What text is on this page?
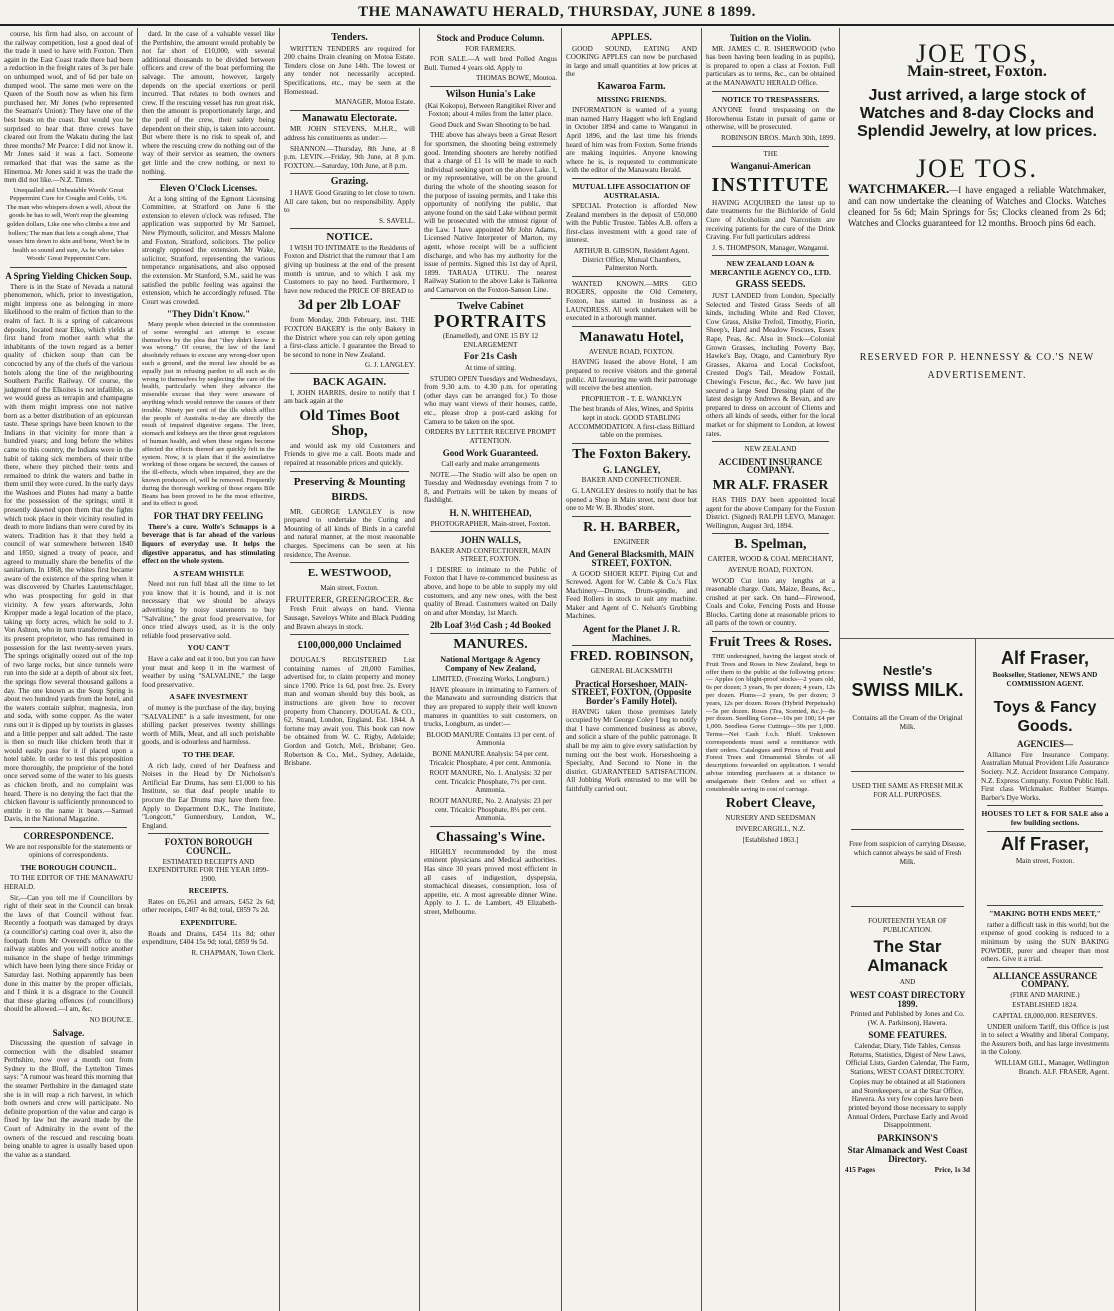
THE MANAWATU HERALD, THURSDAY, JUNE 8 1899.

course, his firm had also, on account of the railway competition, lost a good deal of the trade it used to have with Foxton. Then again in the East Coast trade there had been a reduction in the freight rates of 3s per bale on unhumped wool, and of 6d per bale on dumped wool. The same men were on the Queen of the South now as when his firm purchased her. Mr Jones (who represented the Seaman's Union): They have one of the best boats on the coast. But would you be surprised to hear that three crews have cleared out from the Wakatu during the last three months? Mr Pearce: I did not know it. Mr Jones said it was a fact. Someone remarked that that was the same as the Hinemoa. Mr Jones said it was the trade the men did not like.—N.Z. Times.

Unequalled and Unbeatable Woods' Great Peppermint Cure for Coughs and Colds, 1/6. The man who whispers down a well, About the goods he has to sell, Won't reap the gleaming golden dollars, Like one who climbs a tree and hollers; The man that lets a cough alone, That wears him down to skin and bone, Won't be in health so sound and sure, As he who takes Woods' Great Peppermint Cure.

A Spring Yielding Chicken Soup.

There is in the State of Nevada a natural phenomenon, which, prior to investigation, might impress one as belonging in more likelihood to the realm of fiction than to the realm of fact. It is a spring of calcareous deposits, located near Elko, which yields at first hand from mother earth what the inhabitants of the town regard as a better quality of chicken soup than can be concocted by any of the chefs of the various hotels along the line of the neighbouring Southern Pacific Railway. Of course, the judgment of the Elkoites is not infallible, as we would guess as terrapin and champagne with them might impress one not native born as a better distribution of an epicurean taste. These springs have been known to the Indians in that vicinity for more than a hundred years; and long before the whites came to this country, the Indians were in the habit of taking sick members of their tribe there, where they pitched their tents and remained to drink the waters and bathe in them until they were cured. In the early days the Washoes and Piutes had many a battle for the possession of the springs; until it presently dawned upon them that the fights which took place in their vicinity resulted in death to more Indians than were cured by its waters. Tradition has it that they held a council of war somewhere between 1840 and 1850, signed a treaty of peace, and agreed to mutually share the benefits of the sanitarium. In 1868, the whites first became aware of the existence of the spring when it was discovered by Charles Lautenschlager, who was prospecting for gold in that vicinity. A few years afterwards, John Kropper made a legal location of the place, taking up forty acres, which he sold to J. Von Ashton, who in turn transferred them to its present proprietor, who has remained in possession for the last twenty-seven years. The springs originally oozed out of the top of two large rocks, but since tunnels were run into the side at a depth of about six feet, the springs flow several thousand gallons a day. The one known as the Soup Spring is about two hundred yards from the hotel, and the waters contain sulphur, magnesia, iron and soda, with some copper. As the water runs out it is dipped up by tourists in glasses and a little pepper and salt added. The taste is then so much like chicken broth that it would easily pass for it if placed upon a hotel table. In order to test this proposition more thoroughly, the proprietor of the hotel once served some of the water to his guests as chicken broth, and no complaint was heard. There is no denying the fact that the chicken flavour is sufficiently pronounced to entitle it to the name it bears.—Samuel Davis, in the National Magazine.

CORRESPONDENCE.

We are not responsible for the statements or opinions of correspondents.

THE BOROUGH COUNCIL.

TO THE EDITOR OF THE MANAWATU HERALD.

Sir,—Can you tell me if Councillors by right of their seat in the Council can break the laws of that Council without fear. Recently a footpath was damaged by drays (a councillor's) carting coal over it, also the footpath from Mr Overend's office to the railway stables and you will notice another nuisance in the shape of hedge trimmings which have been lying there since Friday or Saturday last. Nothing apparently has been done in this matter by the proper officials, and I think it is a disgrace to the Council that these glaring offences (of councillors) should be allowed.—I am, &c.

NO BOUNCE.

Salvage.

Discussing the question of salvage in connection with the disabled steamer Perthshire, now over a month out from Sydney to the Bluff, the Lyttelton Times says: "A rumour was heard this morning that the steamer Perthshire in the damaged state she is in will reap a rich harvest, in which both owners and crew will participate. No definite proportion of the value and cargo is fixed by law but the award made by the Court of Admiralty in the event of the owners of the rescued and rescuing boats being unable to agree is usually based upon the value as a standard.

dard. In the case of a valuable vessel like the Perthshire, the amount would probably be not far short of £10,000, with several additional thousands to be divided between officers and crew of the boat performing the salvage. The amount, however, largely depends on the special exertions or peril incurred. That relates to both owners and crew. If the rescuing vessel has run great risk, then the amount is proportionately large, and the peril of the crew, their safety being dependent on their ship, is taken into account. But where there is no risk to speak of, and where the rescuing crew do nothing out of the way of their service as seamen, the owners get little and the crew nothing, or next to nothing.

Eleven O'Clock Licenses.

At a long sitting of the Egmont Licensing Committee, at Stratford on June 6 the extension to eleven o'clock was refused. The application was supported by Mr Samuel, New Plymouth, solicitor, and Messrs Malone and Foxton, Stratford, solicitors. The police strongly opposed the extension. Mr Wake, solicitor, Stratford, representing the various temperance organisations, and also opposed the extension. Mr Stanford, S.M., said he was satisfied the public feeling was against the extension, which he accordingly refused. The Court was crowded.

"They Didn't Know."

Many people when detected in the commission of some wrongful act attempt to excuse themselves by the plea that "they didn't know it was wrong." Of course, the law of the land absolutely refuses to excuse any wrong-doer upon such a ground, and the moral law should be as equally just in refusing pardon to all such as do wrong to themselves by neglecting the care of the health, particularly when they advance the miserable excuse that they were unaware of anything which would remove the causes of their trouble. Ninety per cent of the ills which afflict the people of Australia to-day are directly the result of impaired digestive organs. The liver, stomach and kidneys are the three great regulators of human health, and when these organs become affected the effects thereof are quickly felt in the system. Now, it is plain that if the assimilative working of those organs be secured, the causes of the ill-effects, which when impaired, they are the known producers of, will be removed. Frequently during the thorough working of those organs Bile Beans has been proved to be the most effective, and its effect is good.

FOR THAT DRY FEELING

There's a cure. Wolfe's Schnapps is a beverage that is far ahead of the various liquors of everyday use. It helps the digestive apparatus, and has stimulating effect on the whole system.

A STEAM WHISTLE

Need not run full blast all the time to let you know that it is bound, and it is not necessary that we should be always advertising by noisy statements to buy "Salvaline," the great food preservative, for once tried always used, as it is the only reliable food preservative sold.

YOU CAN'T

Have a cake and eat it too, but you can have your meat and keep it in the warmest of weather by using "SALVALINE," the large food preservative.

A SAFE INVESTMENT

of money is the purchase of the day, buying "SALVALINE" is a safe investment, for one shilling packet preserves twenty shillings worth of Milk, Meat, and all such perishable goods, and is odourless and harmless.

TO THE DEAF.

A rich lady, cured of her Deafness and Noises in the Head by Dr Nicholson's Artificial Ear Drums, has sent £1,000 to his Institute, so that deaf people unable to procure the Ear Drums may have them free. Apply to Department D.K., The Institute, "Longcott," Gunnersbury, London, W., England.

FOXTON BOROUGH COUNCIL.

ESTIMATED RECEIPTS AND EXPENDITURE FOR THE YEAR 1899-1900.

RECEIPTS.

Rates on £6,261 and arrears, £452 2s 6d; other receipts, £407 4s 8d; total, £859 7s 2d.

EXPENDITURE.

Roads and Drains, £454 11s 8d; other expenditure, £404 15s 9d; total, £859 9s 5d.

R. CHAPMAN, Town Clerk.

Tenders.

WRITTEN TENDERS are required for 200 chains Drain cleaning on Motoa Estate. Tenders close on June 14th. The lowest or any tender not necessarily accepted. Specifications, etc., may be seen at the Homestead.

MANAGER, Motoa Estate.

Manawatu Electorate.

MR JOHN STEVENS, M.H.R., will address his constituents as under:—

SHANNON.—Thursday, 8th June, at 8 p.m. LEVIN.—Friday, 9th June, at 8 p.m. FOXTON.—Saturday, 10th June, at 8 p.m.

Grazing.

I HAVE Good Grazing to let close to town. All care taken, but no responsibility. Apply to

S. SAVELL.

NOTICE.

I WISH TO INTIMATE to the Residents of Foxton and District that the rumour that I am giving up business at the end of the present month is untrue, and to which I ask my Customers to pay no heed. Furthermore, I have now reduced the PRICE OF BREAD to

3d per 2lb LOAF

from Monday, 20th February, inst. THE FOXTON BAKERY is the only Bakery in the District where you can rely upon getting a first-class article. I guarantee the Bread to be second to none in New Zealand.

G. J. LANGLEY.

BACK AGAIN.

I, JOHN HARRIS, desire to notify that I am back again at the

Old Times Boot Shop,

and would ask my old Customers and Friends to give me a call. Boots made and repaired at reasonable prices and quickly.

Preserving & Mounting BIRDS.

MR. GEORGE LANGLEY is now prepared to undertake the Curing and Mounting of all kinds of Birds in a careful and natural manner, at the most reasonable charges. Specimens can be seen at his residence, The Avenue.

E. WESTWOOD,

Main street, Foxton.

FRUITERER, GREENGROCER. &c

Fresh Fruit always on hand. Vienna Sausage, Saveloys White and Black Pudding and Brawn always in stock.

£100,000,000 Unclaimed

DOUGAL'S REGISTERED List containing names of 20,000 Families, advertised for, to claim property and money since 1700. Price 1s 6d, post free. 2s. Every man and woman should buy this book, as instructions are given how to recover property from Chancery. DOUGAL & CO., 62, Strand, London, England. Est. 1844. A fortune may await you. This book can now be obtained from W. C. Rigby, Adelaide; Gordon and Gotch, Mel., Brisbane; Geo. Robertson & Co., Mel., Sydney, Adelaide, Brisbane.

Stock and Produce Column.

FOR FARMERS.

FOR SALE.—A well bred Polled Angus Bull. Turned 4 years old. Apply to

THOMAS BOWE, Moutoa.

Wilson Hunia's Lake

(Kai Kokopu), Between Rangitikei River and Foxton; about 4 miles from the latter place.

Good Duck and Swan Shooting to be had.

THE above has always been a Great Resort for sportsmen, the shooting being extremely good. Intending shooters are hereby notified that a charge of £1 1s will be made to each individual seeking sport on the above Lake. I, or my representative, will be on the ground during the whole of the shooting season for the purpose of issuing permits, and I take this opportunity of notifying the public, that anyone found on the said Lake without permit will be prosecuted with the utmost rigour of the Law. I have appointed Mr John Adams, Licensed Native Interpreter of Marton, my agent, whose receipt will be a sufficient discharge, and who has my authority for the issue of permits. Signed this 1st day of April, 1899. TARAUA UTIKU. The nearest Railway Station to the above Lake is Taikorea and Carnarvon on the Foxton-Sanson Line.

Twelve Cabinet
PORTRAITS

(Enamelled), and ONE 15 BY 12 ENLARGEMENT

For 21s Cash

At time of sitting.

STUDIO OPEN Tuesdays and Wednesdays, from 9.30 a.m. to 4.30 p.m. for operating (other days can be arranged for.) To those who may want views of their houses, cattle, etc., please drop a post-card asking for Camera to be taken on the spot.

ORDERS BY LETTER RECEIVE PROMPT ATTENTION.

Good Work Guaranteed.

Call early and make arrangements

NOTE.—The Studio will also be open on Tuesday and Wednesday evenings from 7 to 8, and Portraits will be taken by means of flashlight.

H. N. WHITEHEAD,

PHOTOGRAPHER, Main-street, Foxton.

JOHN WALLS,

BAKER AND CONFECTIONER, MAIN STREET, FOXTON.

I DESIRE to intimate to the Public of Foxton that I have re-commenced business as above, and hope to be able to supply my old customers, and any new ones, with the best quality of Bread. Customers waited on Daily on and after Monday, 1st March.

2lb Loaf 3½d Cash ; 4d Booked
MANURES.
National Mortgage & Agency Company of New Zealand,

LIMITED, (Freezing Works, Longburn.)

HAVE pleasure in intimating to Farmers of the Manawatu and surrounding districts that they are prepared to supply their well known manures in quantities to suit customers, on trucks, Longburn, as under:—

BLOOD MANURE Contains 13 per cent. of Ammonia

BONE MANURE Analysis: 54 per cent. Tricalcic Phosphate, 4 per cent. Ammonia.

ROOT MANURE, No. 1. Analysis: 32 per cent. Tricalcic Phosphate, 7½ per cent. Ammonia.

ROOT MANURE, No. 2. Analysis: 23 per cent. Tricalcic Phosphate, 8½ per cent. Ammonia.

Chassaing's Wine.

HIGHLY recommended by the most eminent physicians and Medical authorities. Has since 30 years proved most efficient in all cases of indigestion, dyspepsia, stomachical diseases, consumption, loss of appetite, etc. A most agreeable dinner Wine. Apply to J. L. de Lambert, 49 Elizabeth-street, Melbourne.

APPLES.

GOOD SOUND, EATING AND COOKING APPLES can now be purchased in large and small quantities at low prices at the

Kawaroa Farm.
MISSING FRIENDS.

INFORMATION is wanted of a young man named Harry Haggett who left England in October 1894 and came to Wanganui in April 1896, and the last time his friends heard of him was from Foxton. Some friends are making inquiries. Anyone knowing where he is, is requested to communicate with the editor of the Manawatu Herald.

MUTUAL LIFE ASSOCIATION OF AUSTRALASIA.

SPECIAL Protection is afforded New Zealand members in the deposit of £50,000 with the Public Trustee. Tables A.B. offers a first-class investment with a good rate of interest.

ARTHUR B. GIBSON, Resident Agent. District Office, Mutual Chambers, Palmerston North.

WANTED KNOWN.—MRS GEO ROGERS, opposite the Old Cemetery, Foxton, has started in business as a LAUNDRESS. All work undertaken will be executed in a thorough manner.

Manawatu Hotel,

AVENUE ROAD, FOXTON.

HAVING leased the above Hotel, I am prepared to receive visitors and the general public. All favouring me with their patronage will receive the best attention.

PROPRIETOR - T. E. WANKLYN

The best brands of Ales, Wines, and Spirits kept in stock. GOOD STABLING ACCOMMODATION. A first-class Billiard table on the premises.

The Foxton Bakery.
G. LANGLEY,

BAKER AND CONFECTIONER.

G. LANGLEY desires to notify that he has opened a Shop in Main street, next door but one to Mr W. B. Rhodes' store.

R. H. BARBER,

ENGINEER

And General Blacksmith, MAIN STREET, FOXTON.

A GOOD SHOER KEPT. Piping Cut and Screwed. Agent for W. Cable & Co.'s Flax Machinery—Drums, Drum-spindle, and Feed Rollers in stock to suit any machine. Maker and Agent of C. Nelson's Grubbing Machines.

Agent for the Planet J. R. Machines.
FRED. ROBINSON,

GENERAL BLACKSMITH

Practical Horseshoer, MAIN-STREET, FOXTON, (Opposite Border's Family Hotel).

HAVING taken those premises lately occupied by Mr George Coley I beg to notify that I have commenced business as above, and solicit a share of the public patronage. It shall be my aim to give every satisfaction by turning out the best work. Horseshoeing a Specialty, And Second to None in the district. GUARANTEED SATISFACTION. All Jobbing Work entrusted to me will be faithfully carried out.

Tuition on the Violin.

MR. JAMES C. R. ISHERWOOD (who has been having been leading in as pupils), is prepared to open a class at Foxton. Full particulars as to terms, &c., can be obtained at the MANAWATU HERALD Office.

NOTICE TO TRESPASSERS.

ANYONE found trespassing on the Horowhenua Estate in pursuit of game or otherwise, will be prosecuted.

ROBINSON BROS. March 30th, 1899.

THE

Wanganui-American
INSTITUTE

HAVING ACQUIRED the latest up to date treatments for the Bichloride of Gold Cure of Alcoholism and Narcotism are receiving patients for the cure of the Drink Craving. For full particulars address

J. S. THOMPSON, Manager, Wanganui.

NEW ZEALAND LOAN & MERCANTILE AGENCY CO., LTD.
GRASS SEEDS.

JUST LANDED from London, Specially Selected and Tested Grass Seeds of all kinds, including White and Red Clover, Cow Grass, Alsike Trefoil, Timothy, Fiorin, Sheep's, Hard and Meadow Fescues, Essex Rape, Peas, &c. Also in Stock—Colonial Grown Grasses, including Poverty Bay, Hawke's Bay, Otago, and Canterbury Rye Grasses, Akaroa and Local Cocksfoot, Crested Dog's Tail, Meadow Foxtail, Chewing's Fescue, &c., &c. We have just secured a large Seed Dressing plant of the latest design by Andrews & Bevan, and are prepared to dress on account of Clients and others all kinds of seeds, either for the local market or for shipment to London, at lowest rates.

NEW ZEALAND

ACCIDENT INSURANCE COMPANY.
MR ALF. FRASER

HAS THIS DAY been appointed local agent for the above Company for the Foxton District. (Signed) RALPH LEVO, Manager. Wellington, August 3rd, 1894.

B. Spelman,

CARTER, WOOD & COAL MERCHANT,

AVENUE ROAD, FOXTON.

WOOD Cut into any lengths at a reasonable charge. Oats, Maize, Beans, &c., crushed at per sack. On hand—Firewood, Coals and Coke, Fencing Posts and House Blocks. Carting done at reasonable prices to all parts of the town or country.

Fruit Trees & Roses.

THE undersigned, having the largest stock of Fruit Trees and Roses in New Zealand, begs to offer them to the public at the following prices:— Apples (on blight-proof stocks—2 years old, 6s per dozen; 3 years, 9s per dozen; 4 years, 12s per dozen. Plums—2 years, 9s per dozen; 3 years, 12s per dozen. Roses (Hybrid Perpetuals)—5s per dozen. Roses (Tea, Scented, &c.)—8s per dozen. Seedling Gorse—10s per 100; £4 per 1,000. Seedless Gorse Cuttings—30s per 1,000. Terms—Net Cash f.o.b. Bluff. Unknown correspondents must send a remittance with their orders. Catalogues and Prices of Fruit and Forest Trees and Ornamental Shrubs of all descriptions forwarded on application. I would advise intending purchasers at a distance to amalgamate their Orders and so effect a considerable saving in cost of carriage.

Robert Cleave,

NURSERY AND SEEDSMAN

INVERCARGILL, N.Z.

[Established 1863.]

JOE TOS,
Main-street, Foxton.
Just arrived, a large stock of Watches and 8-day Clocks and Splendid Jewelry, at low prices.
JOE TOS.
WATCHMAKER.—I have engaged a reliable Watchmaker, and can now undertake the cleaning of Watches and Clocks. Watches cleaned for 5s 6d; Main Springs for 5s; Clocks cleaned from 2s 6d; Watches and Clocks guaranteed for 12 months. Brooch pins 6d each.
RESERVED FOR P. HENNESSY & CO.'S NEW ADVERTISEMENT.
Nestle's
SWISS MILK.

Contains all the Cream of the Original Milk.

USED THE SAME AS FRESH MILK FOR ALL PURPOSES.

Free from suspicion of carrying Disease, which cannot always be said of Fresh Milk.

FOURTEENTH YEAR OF PUBLICATION.

The Star Almanack

AND

WEST COAST DIRECTORY 1899.

Printed and Published by Jones and Co. (W. A. Parkinson), Hawera.

SOME FEATURES.

Calendar, Diary, Tide Tables, Census Returns, Statistics, Digest of New Laws, Official Lists, Garden Calendar, The Farm, Stations, WEST COAST DIRECTORY.

Copies may be obtained at all Stationers and Storekeepers, or at the Star Office, Hawera. As very few copies have been printed beyond those necessary to supply Annual Orders, Purchase Early and Avoid Disappointment.

PARKINSON'S
Star Almanack and West Coast Directory.
415 Pages	Price, 1s 3d
Alf Fraser,

Bookseller, Stationer, NEWS AND COMMISSION AGENT.

Toys & Fancy Goods.
AGENCIES—

Alliance Fire Insurance Company. Australian Mutual Provident Life Assurance Society. N.Z. Accident Insurance Company. N.Z. Express Company. Foxton Public Hall. First class Wickmaker. Rubber Stamps. Barber's Dye Works.

HOUSES TO LET & FOR SALE also a few building sections.
Alf Fraser,

Main street, Foxton.

"MAKING BOTH ENDS MEET,"

rather a difficult task in this world; but the expense of good cooking is reduced to a minimum by using the SUN BAKING POWDER, purer and cheaper than most others. Give it a trial.

ALLIANCE ASSURANCE COMPANY.

(FIRE AND MARINE.)

ESTABLISHED 1824.

CAPITAL £8,000,000. RESERVES.

UNDER uniform Tariff, this Office is just in to select a Wealthy and liberal Company, the Assurers both, and has large investments in the Colony.

WILLIAM GILL, Manager, Wellington Branch. ALF. FRASER, Agent.
